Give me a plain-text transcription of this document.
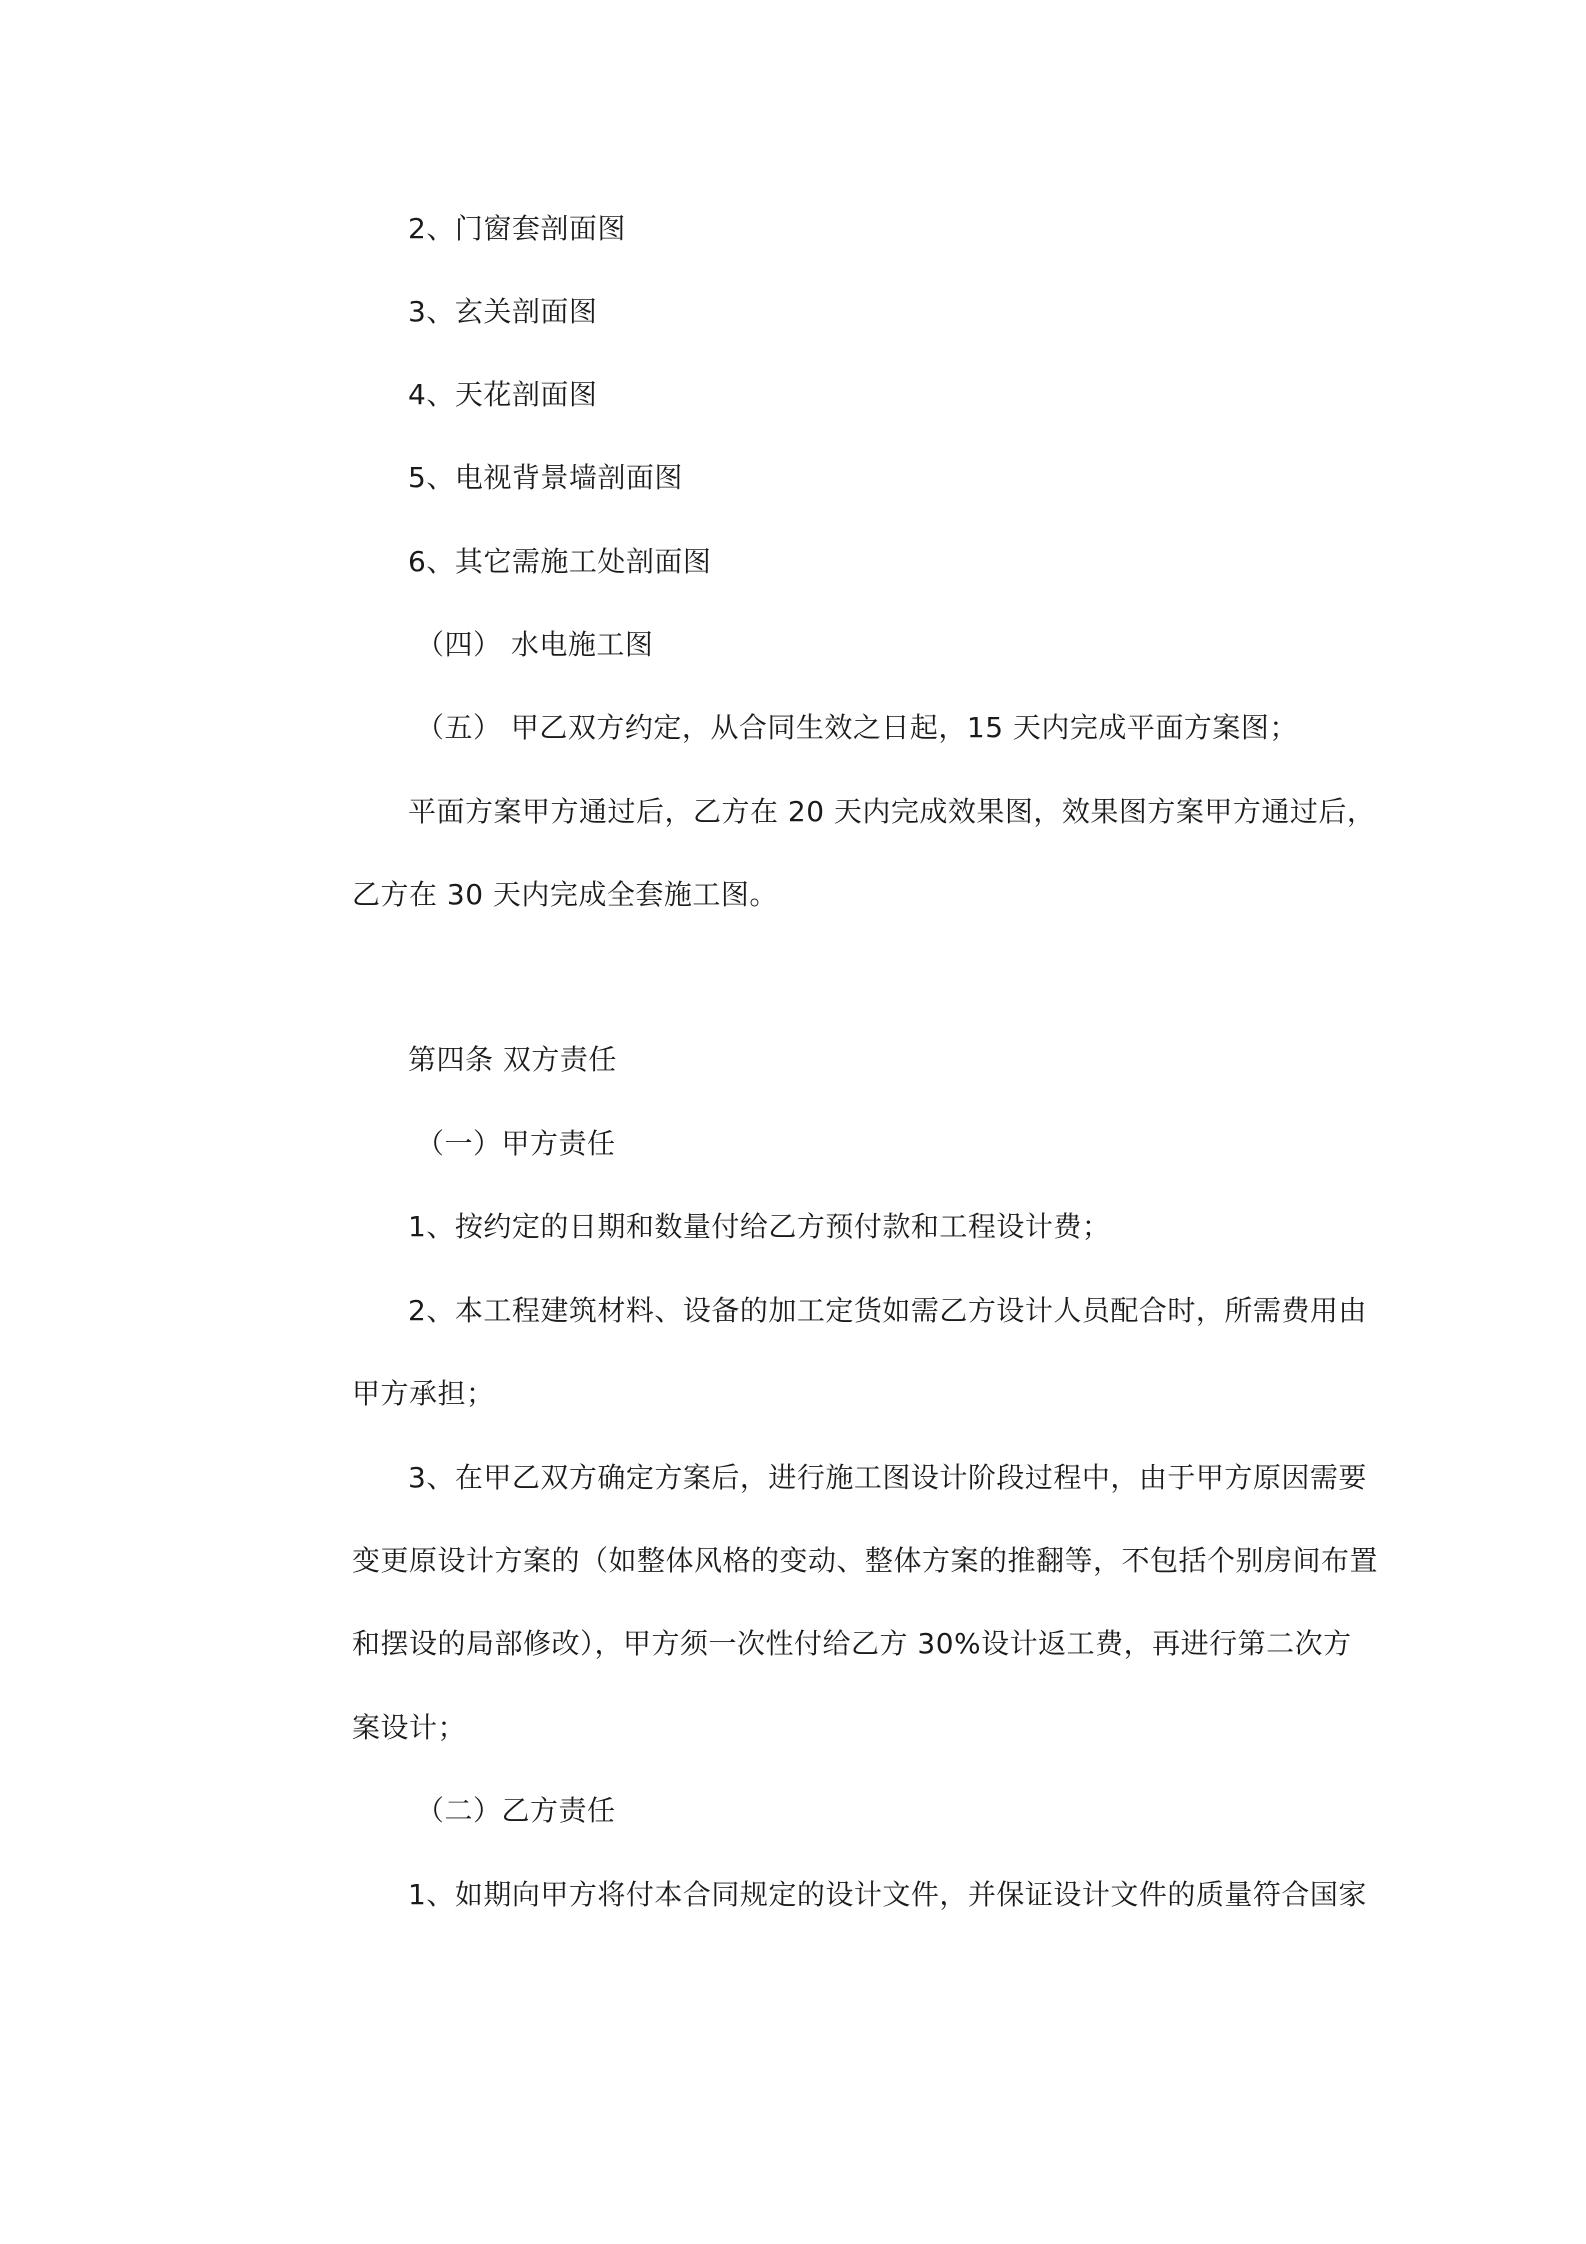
2、门窗套剖面图
3、玄关剖面图
4、天花剖面图
5、电视背景墙剖面图
6、其它需施工处剖面图
（四） 水电施工图
（五） 甲乙双方约定，从合同生效之日起，15 天内完成平面方案图；
平面方案甲方通过后，乙方在 20 天内完成效果图，效果图方案甲方通过后，
乙方在 30 天内完成全套施工图。
第四条 双方责任
（一）甲方责任
1、按约定的日期和数量付给乙方预付款和工程设计费；
2、本工程建筑材料、设备的加工定货如需乙方设计人员配合时，所需费用由
甲方承担；
3、在甲乙双方确定方案后，进行施工图设计阶段过程中，由于甲方原因需要
变更原设计方案的（如整体风格的变动、整体方案的推翻等，不包括个别房间布置
和摆设的局部修改），甲方须一次性付给乙方 30%设计返工费，再进行第二次方
案设计；
（二）乙方责任
1、如期向甲方将付本合同规定的设计文件，并保证设计文件的质量符合国家
